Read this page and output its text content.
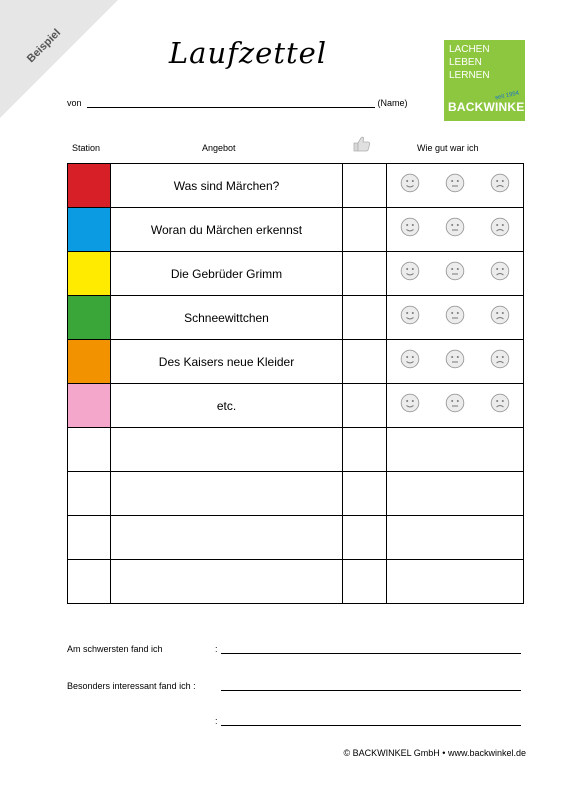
Beispiel	Laufzettel	LACHEN
LEBEN
LERNEN
seit 1994
BACKWINKEL
von	(Name)
Station	Angebot	Wie gut war ich
	Was sind Märchen?		

	Woran du Märchen erkennst		

	Die Gebrüder Grimm		

	Schneewittchen		

	Des Kaisers neue Kleider		

	etc.		

Am schwersten fand ich	:
Besonders interessant fand ich :
:
© BACKWINKEL GmbH • www.backwinkel.de
